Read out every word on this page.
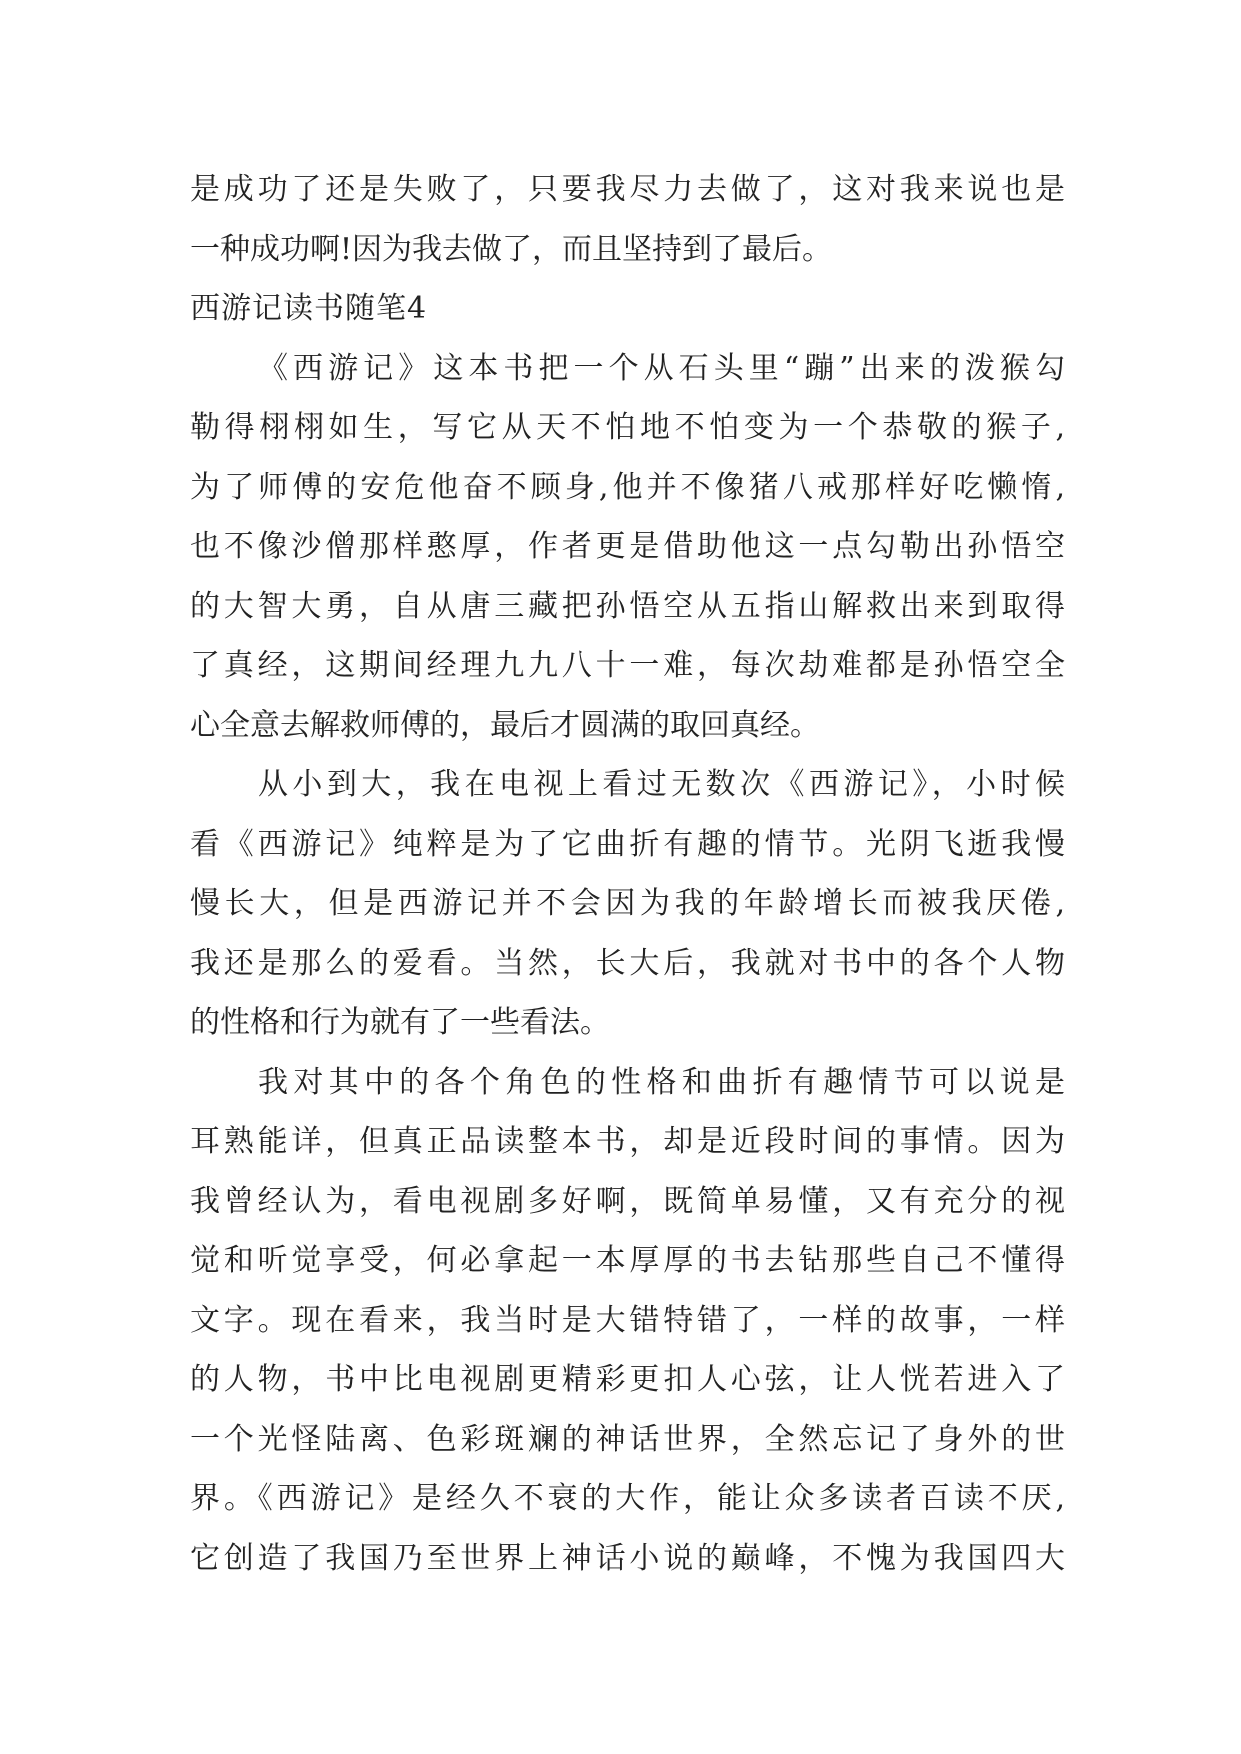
是成功了还是失败了，只要我尽力去做了，这对我来说也是
一种成功啊!因为我去做了，而且坚持到了最后。
西游记读书随笔4
《西游记》这本书把一个从石头里“蹦”出来的泼猴勾
勒得栩栩如生，写它从天不怕地不怕变为一个恭敬的猴子,
为了师傅的安危他奋不顾身,他并不像猪八戒那样好吃懒惰,
也不像沙僧那样憨厚，作者更是借助他这一点勾勒出孙悟空
的大智大勇，自从唐三藏把孙悟空从五指山解救出来到取得
了真经，这期间经理九九八十一难，每次劫难都是孙悟空全
心全意去解救师傅的，最后才圆满的取回真经。
从小到大，我在电视上看过无数次《西游记》，小时候
看《西游记》纯粹是为了它曲折有趣的情节。光阴飞逝我慢
慢长大，但是西游记并不会因为我的年龄增长而被我厌倦,
我还是那么的爱看。当然，长大后，我就对书中的各个人物
的性格和行为就有了一些看法。
我对其中的各个角色的性格和曲折有趣情节可以说是
耳熟能详，但真正品读整本书，却是近段时间的事情。因为
我曾经认为，看电视剧多好啊，既简单易懂，又有充分的视
觉和听觉享受，何必拿起一本厚厚的书去钻那些自己不懂得
文字。现在看来，我当时是大错特错了，一样的故事，一样
的人物，书中比电视剧更精彩更扣人心弦，让人恍若进入了
一个光怪陆离、色彩斑斓的神话世界，全然忘记了身外的世
界。《西游记》是经久不衰的大作，能让众多读者百读不厌,
它创造了我国乃至世界上神话小说的巅峰，不愧为我国四大
